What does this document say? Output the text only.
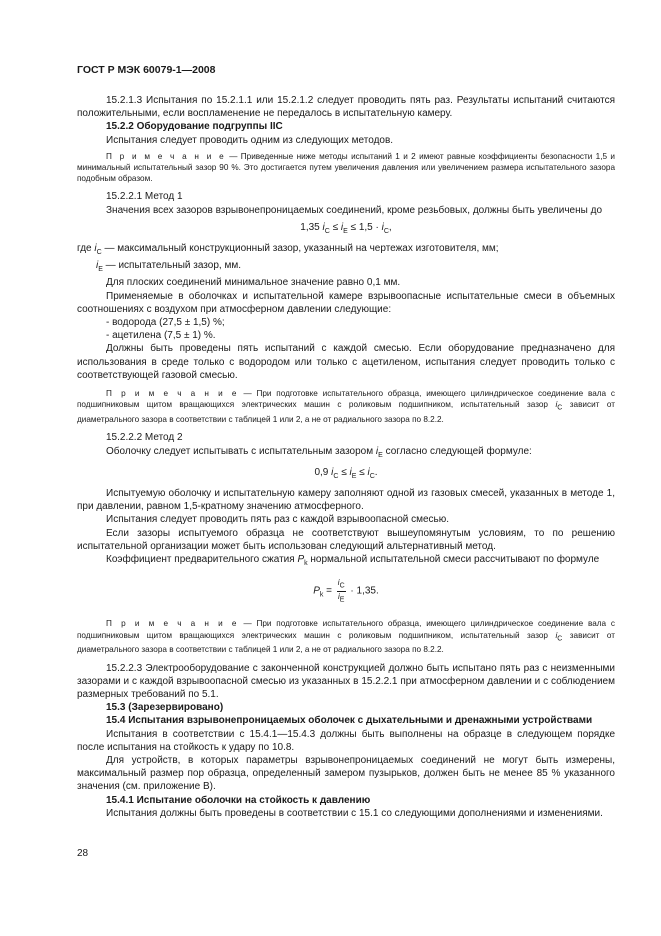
ГОСТ Р МЭК 60079-1—2008

15.2.1.3 Испытания по 15.2.1.1 или 15.2.1.2 следует проводить пять раз. Результаты испытаний считаются положительными, если воспламенение не передалось в испытательную камеру.

15.2.2 Оборудование подгруппы IIC

Испытания следует проводить одним из следующих методов.

П р и м е ч а н и е — Приведенные ниже методы испытаний 1 и 2 имеют равные коэффициенты безопасности 1,5 и минимальный испытательный зазор 90 %. Это достигается путем увеличения давления или увеличением размера испытательного зазора подобным образом.

15.2.2.1 Метод 1

Значения всех зазоров взрывонепроницаемых соединений, кроме резьбовых, должны быть увеличены до

1,35 $i_C \le i_E \le 1,5 \cdot i_C$,

где $i_C$ — максимальный конструкционный зазор, указанный на чертежах изготовителя, мм;

$i_E$ — испытательный зазор, мм.

Для плоских соединений минимальное значение равно 0,1 мм.

Применяемые в оболочках и испытательной камере взрывоопасные испытательные смеси в объемных соотношениях с воздухом при атмосферном давлении следующие:

- водорода (27,5 ± 1,5) %;

- ацетилена (7,5 ± 1) %.

Должны быть проведены пять испытаний с каждой смесью. Если оборудование предназначено для использования в среде только с водородом или только с ацетиленом, испытания следует проводить только с соответствующей газовой смесью.

П р и м е ч а н и е — При подготовке испытательного образца, имеющего цилиндрическое соединение вала с подшипниковым щитом вращающихся электрических машин с роликовым подшипником, испытательный зазор $i_C$ зависит от диаметрального зазора в соответствии с таблицей 1 или 2, а не от радиального зазора по 8.2.2.

15.2.2.2 Метод 2

Оболочку следует испытывать с испытательным зазором $i_E$ согласно следующей формуле:

0,9 $i_C \le i_E \le i_C$.

Испытуемую оболочку и испытательную камеру заполняют одной из газовых смесей, указанных в методе 1, при давлении, равном 1,5-кратному значению атмосферного.

Испытания следует проводить пять раз с каждой взрывоопасной смесью.

Если зазоры испытуемого образца не соответствуют вышеупомянутым условиям, то по решению испытательной организации может быть использован следующий альтернативный метод.

Коэффициент предварительного сжатия $P_k$ нормальной испытательной смеси рассчитывают по формуле

$P_k = \frac{i_C}{i_E} \cdot 1,35$.

П р и м е ч а н и е — При подготовке испытательного образца, имеющего цилиндрическое соединение вала с подшипниковым щитом вращающихся электрических машин с роликовым подшипником, испытательный зазор $i_C$ зависит от диаметрального зазора в соответствии с таблицей 1 или 2, а не от радиального зазора по 8.2.2.

15.2.2.3 Электрооборудование с законченной конструкцией должно быть испытано пять раз с неизменными зазорами и с каждой взрывоопасной смесью из указанных в 15.2.2.1 при атмосферном давлении и с соблюдением размерных требований по 5.1.

15.3 (Зарезервировано)

15.4 Испытания взрывонепроницаемых оболочек с дыхательными и дренажными устройствами

Испытания в соответствии с 15.4.1—15.4.3 должны быть выполнены на образце в следующем порядке после испытания на стойкость к удару по 10.8.

Для устройств, в которых параметры взрывонепроницаемых соединений не могут быть измерены, максимальный размер пор образца, определенный замером пузырьков, должен быть не менее 85 % указанного значения (см. приложение В).

15.4.1 Испытание оболочки на стойкость к давлению

Испытания должны быть проведены в соответствии с 15.1 со следующими дополнениями и изменениями.

28
